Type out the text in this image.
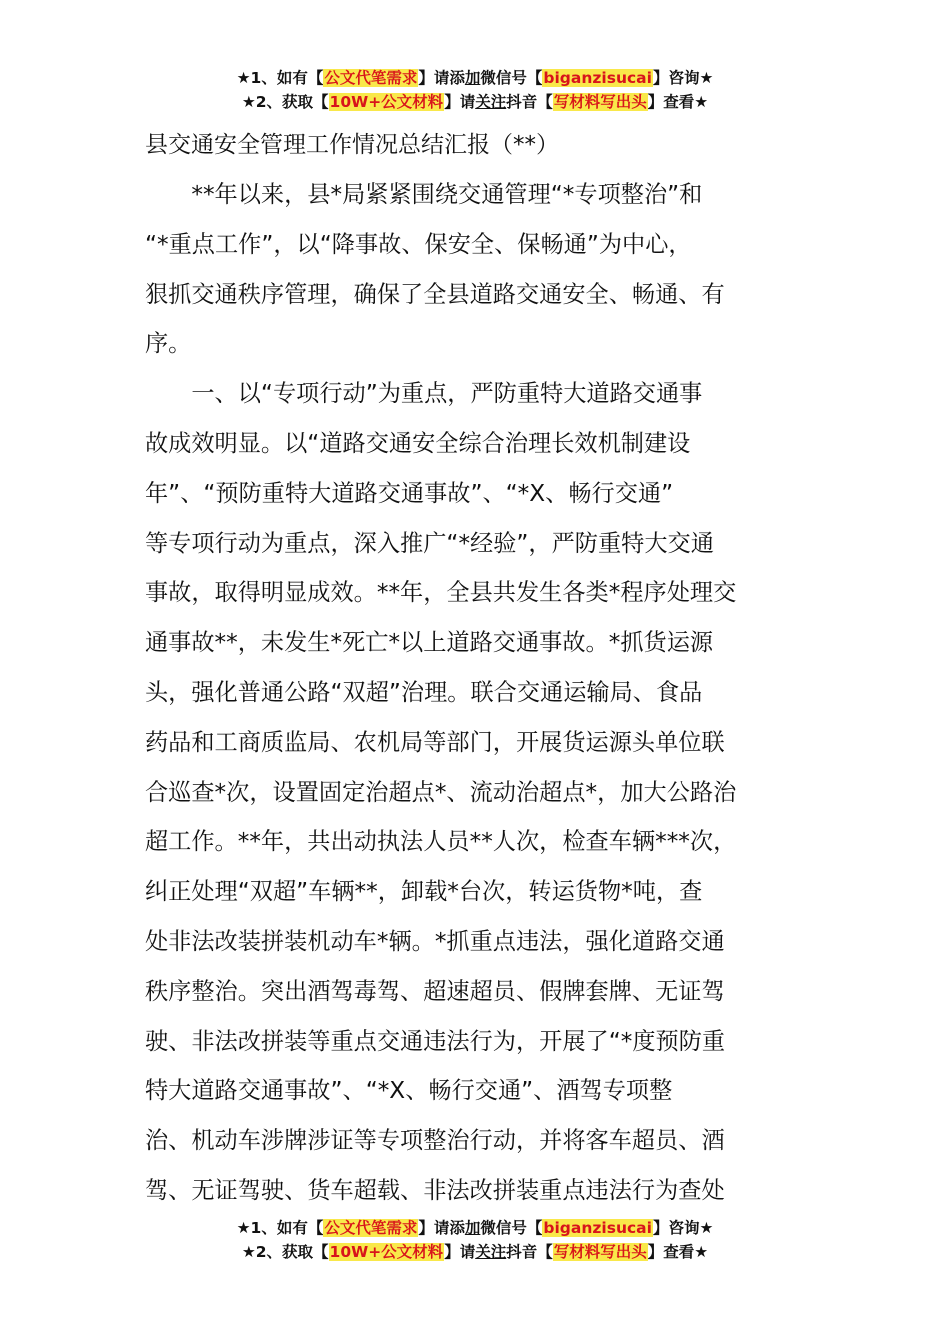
★1、如有【公文代笔需求】请添加微信号【biganzisucai】咨询★
★2、获取【10W+公文材料】请关注抖音【写材料写出头】查看★
县交通安全管理工作情况总结汇报（**）
　　**年以来，县*局紧紧围绕交通管理“*专项整治”和
“*重点工作”，以“降事故、保安全、保畅通”为中心，
狠抓交通秩序管理，确保了全县道路交通安全、畅通、有
序。
　　一、以“专项行动”为重点，严防重特大道路交通事
故成效明显。以“道路交通安全综合治理长效机制建设
年”、“预防重特大道路交通事故”、“*X、畅行交通”
等专项行动为重点，深入推广“*经验”，严防重特大交通
事故，取得明显成效。**年，全县共发生各类*程序处理交
通事故**，未发生*死亡*以上道路交通事故。*抓货运源
头，强化普通公路“双超”治理。联合交通运输局、食品
药品和工商质监局、农机局等部门，开展货运源头单位联
合巡查*次，设置固定治超点*、流动治超点*，加大公路治
超工作。**年，共出动执法人员**人次，检查车辆***次，
纠正处理“双超”车辆**，卸载*台次，转运货物*吨，查
处非法改装拼装机动车*辆。*抓重点违法，强化道路交通
秩序整治。突出酒驾毒驾、超速超员、假牌套牌、无证驾
驶、非法改拼装等重点交通违法行为，开展了“*度预防重
特大道路交通事故”、“*X、畅行交通”、酒驾专项整
治、机动车涉牌涉证等专项整治行动，并将客车超员、酒
驾、无证驾驶、货车超载、非法改拼装重点违法行为查处
★1、如有【公文代笔需求】请添加微信号【biganzisucai】咨询★
★2、获取【10W+公文材料】请关注抖音【写材料写出头】查看★
